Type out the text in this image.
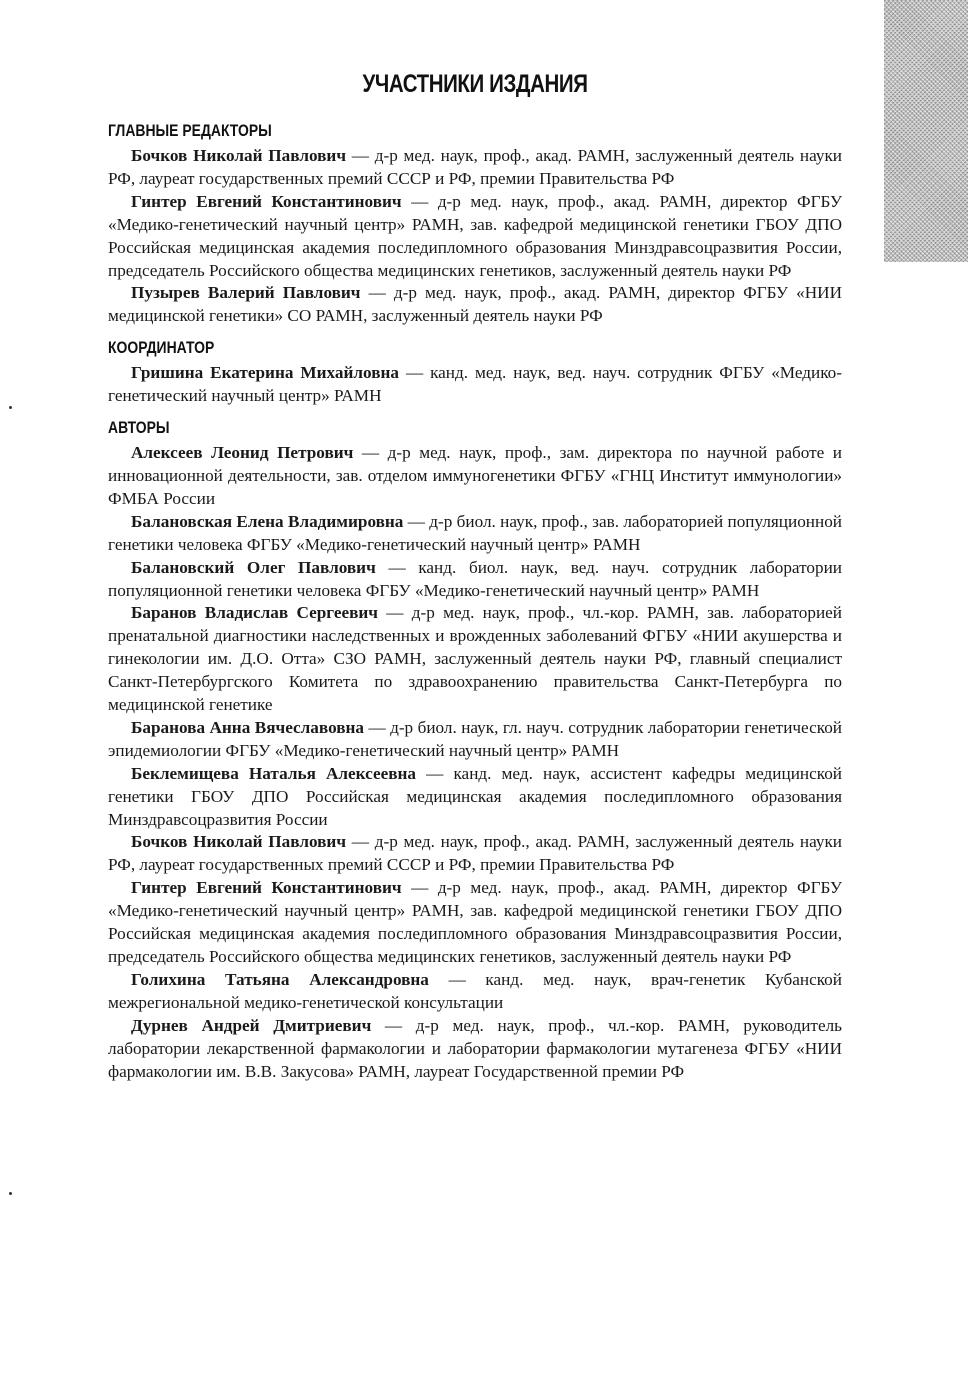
УЧАСТНИКИ ИЗДАНИЯ
ГЛАВНЫЕ РЕДАКТОРЫ

Бочков Николай Павлович — д-р мед. наук, проф., акад. РАМН, заслуженный деятель науки РФ, лауреат государственных премий СССР и РФ, премии Правительства РФ

Гинтер Евгений Константинович — д-р мед. наук, проф., акад. РАМН, директор ФГБУ «Медико-генетический научный центр» РАМН, зав. кафедрой медицинской генетики ГБОУ ДПО Российская медицинская академия последипломного образования Минздравсоцразвития России, председатель Российского общества медицинских генетиков, заслуженный деятель науки РФ

Пузырев Валерий Павлович — д-р мед. наук, проф., акад. РАМН, директор ФГБУ «НИИ медицинской генетики» СО РАМН, заслуженный деятель науки РФ

КООРДИНАТОР

Гришина Екатерина Михайловна — канд. мед. наук, вед. науч. сотрудник ФГБУ «Медико-генетический научный центр» РАМН

АВТОРЫ

Алексеев Леонид Петрович — д-р мед. наук, проф., зам. директора по научной работе и инновационной деятельности, зав. отделом иммуногенетики ФГБУ «ГНЦ Институт иммунологии» ФМБА России

Балановская Елена Владимировна — д-р биол. наук, проф., зав. лабораторией популяционной генетики человека ФГБУ «Медико-генетический научный центр» РАМН

Балановский Олег Павлович — канд. биол. наук, вед. науч. сотрудник лаборатории популяционной генетики человека ФГБУ «Медико-генетический научный центр» РАМН

Баранов Владислав Сергеевич — д-р мед. наук, проф., чл.-кор. РАМН, зав. лабораторией пренатальной диагностики наследственных и врожденных заболеваний ФГБУ «НИИ акушерства и гинекологии им. Д.О. Отта» СЗО РАМН, заслуженный деятель науки РФ, главный специалист Санкт-Петербургского Комитета по здравоохранению правительства Санкт-Петербурга по медицинской генетике

Баранова Анна Вячеславовна — д-р биол. наук, гл. науч. сотрудник лаборатории генетической эпидемиологии ФГБУ «Медико-генетический научный центр» РАМН

Беклемищева Наталья Алексеевна — канд. мед. наук, ассистент кафедры медицинской генетики ГБОУ ДПО Российская медицинская академия последипломного образования Минздравсоцразвития России

Бочков Николай Павлович — д-р мед. наук, проф., акад. РАМН, заслуженный деятель науки РФ, лауреат государственных премий СССР и РФ, премии Правительства РФ

Гинтер Евгений Константинович — д-р мед. наук, проф., акад. РАМН, директор ФГБУ «Медико-генетический научный центр» РАМН, зав. кафедрой медицинской генетики ГБОУ ДПО Российская медицинская академия последипломного образования Минздравсоцразвития России, председатель Российского общества медицинских генетиков, заслуженный деятель науки РФ

Голихина Татьяна Александровна — канд. мед. наук, врач-генетик Кубанской межрегиональной медико-генетической консультации

Дурнев Андрей Дмитриевич — д-р мед. наук, проф., чл.-кор. РАМН, руководитель лаборатории лекарственной фармакологии и лаборатории фармакологии мутагенеза ФГБУ «НИИ фармакологии им. В.В. Закусова» РАМН, лауреат Государственной премии РФ
